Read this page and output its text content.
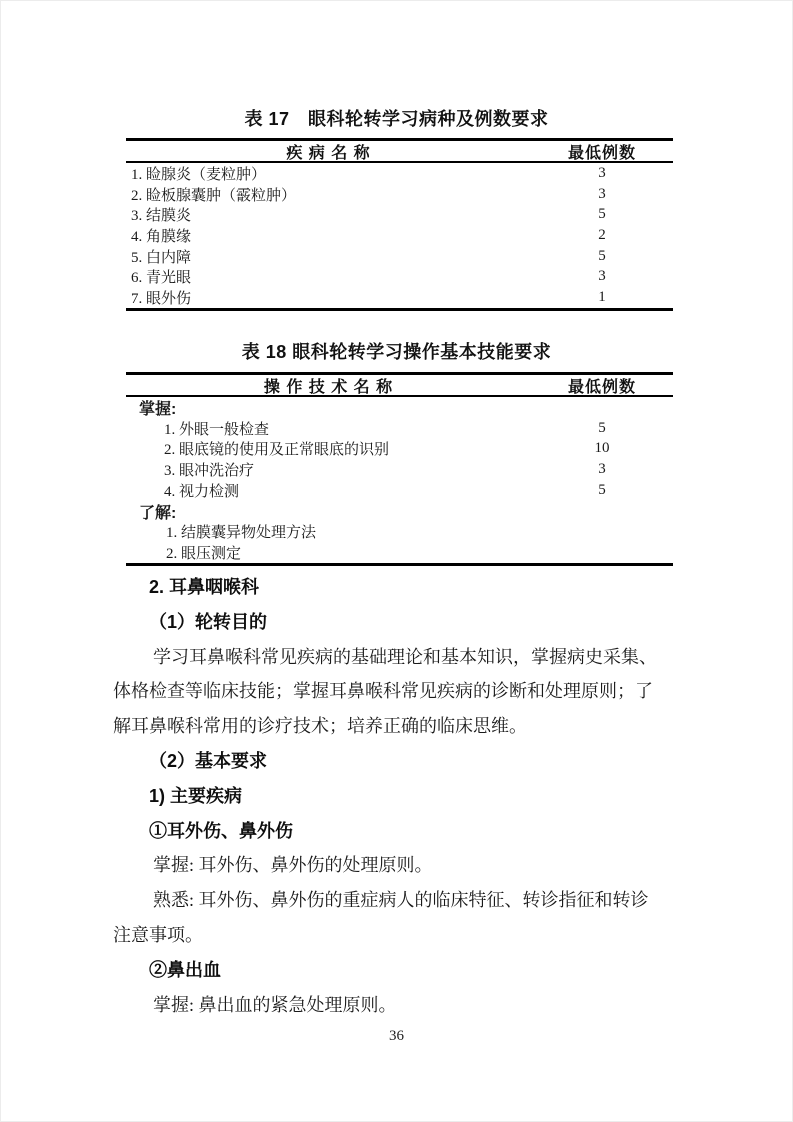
表 17　眼科轮转学习病种及例数要求
疾 病 名 称	最低例数
1. 睑腺炎（麦粒肿）	3
2. 睑板腺囊肿（霰粒肿）	3
3. 结膜炎	5
4. 角膜缘	2
5. 白内障	5
6. 青光眼	3
7. 眼外伤	1
表 18 眼科轮转学习操作基本技能要求
操 作 技 术 名 称	最低例数
掌握:
1. 外眼一般检查	5
2. 眼底镜的使用及正常眼底的识别	10
3. 眼冲洗治疗	3
4. 视力检测	5
了解:
1. 结膜囊异物处理方法
2. 眼压测定
2. 耳鼻咽喉科
（1）轮转目的
学习耳鼻喉科常见疾病的基础理论和基本知识，掌握病史采集、
体格检查等临床技能；掌握耳鼻喉科常见疾病的诊断和处理原则；了
解耳鼻喉科常用的诊疗技术；培养正确的临床思维。
（2）基本要求
1) 主要疾病
①耳外伤、鼻外伤
掌握: 耳外伤、鼻外伤的处理原则。
熟悉: 耳外伤、鼻外伤的重症病人的临床特征、转诊指征和转诊
注意事项。
②鼻出血
掌握: 鼻出血的紧急处理原则。
36
